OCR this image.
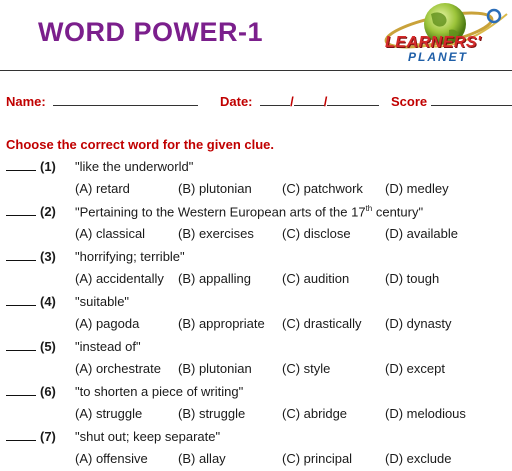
WORD POWER-1	LEARNERS'
PLANET
Name:	Date:	/ /	Score
Choose the correct word for the given clue.
(1) "like the underworld"
(A) retard	(B) plutonian (C) patchwork (D) medley
(2) "Pertaining to the Western European arts of the 17th century"
(A) classical	(B) exercises (C) disclose	(D) available
(3) "horrifying; terrible"
(A) accidentally (B) appalling (C) audition	(D) tough
(4) "suitable"
(A) pagoda	(B) appropriate (C) drastically (D) dynasty
(5) "instead of"
(A) orchestrate (B) plutonian (C) style	(D) except
(6) "to shorten a piece of writing"
(A) struggle	(B) struggle	(C) abridge	(D) melodious
(7) "shut out; keep separate"
(A) offensive (B) allay	(C) principal	(D) exclude
